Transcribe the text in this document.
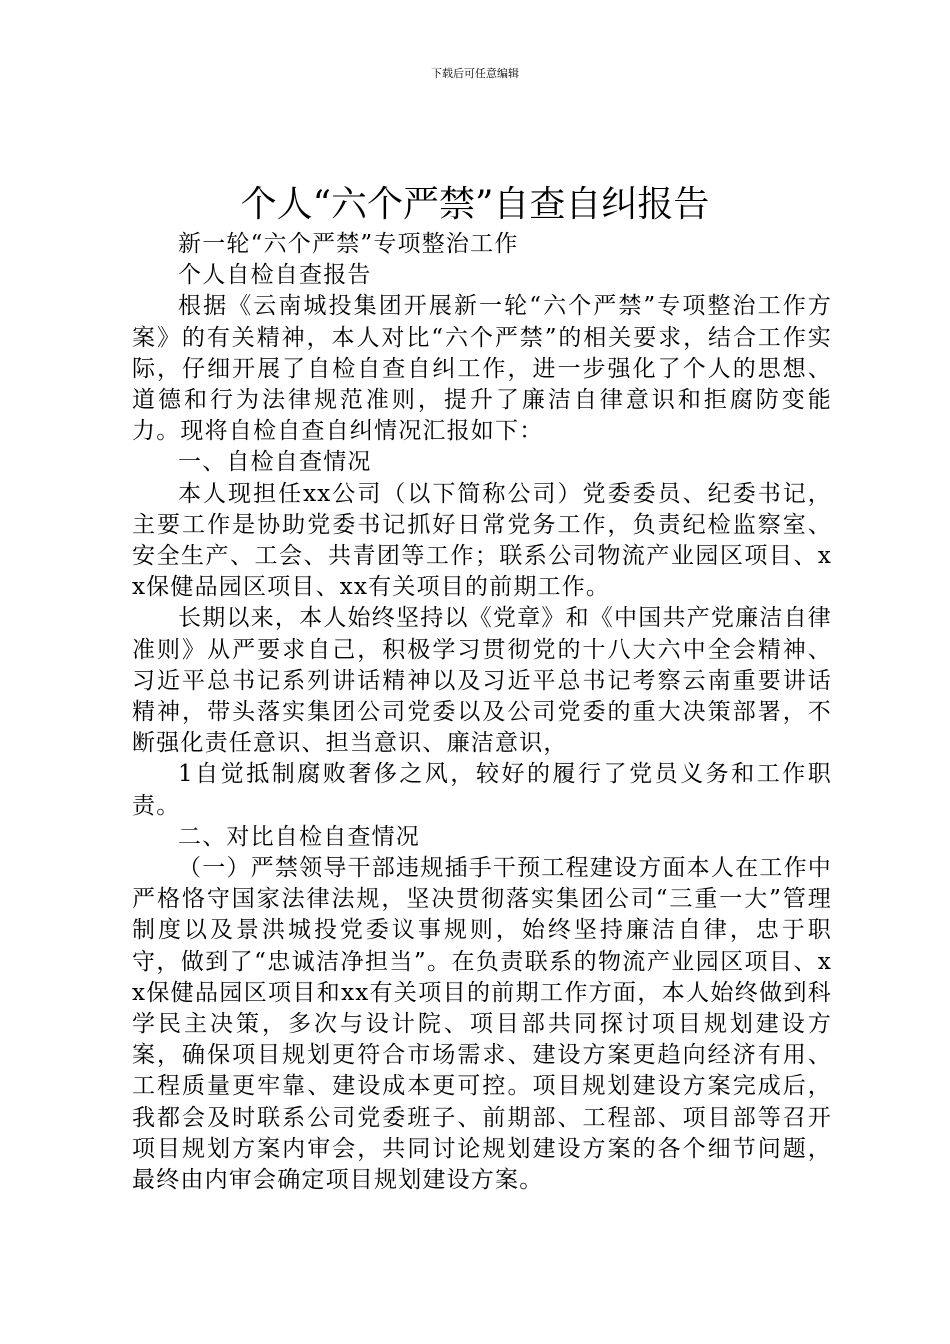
下载后可任意编辑
个人“六个严禁”自查自纠报告

新一轮“六个严禁”专项整治工作

个人自检自查报告

根据《云南城投集团开展新一轮“六个严禁”专项整治工作方案》的有关精神，本人对比“六个严禁”的相关要求，结合工作实际，仔细开展了自检自查自纠工作，进一步强化了个人的思想、道德和行为法律规范准则，提升了廉洁自律意识和拒腐防变能力。现将自检自查自纠情况汇报如下：

一、自检自查情况

本人现担任xx公司（以下简称公司）党委委员、纪委书记，主要工作是协助党委书记抓好日常党务工作，负责纪检监察室、安全生产、工会、共青团等工作；联系公司物流产业园区项目、xx保健品园区项目、xx有关项目的前期工作。

长期以来，本人始终坚持以《党章》和《中国共产党廉洁自律准则》从严要求自己，积极学习贯彻党的十八大六中全会精神、习近平总书记系列讲话精神以及习近平总书记考察云南重要讲话精神，带头落实集团公司党委以及公司党委的重大决策部署，不断强化责任意识、担当意识、廉洁意识，

1自觉抵制腐败奢侈之风，较好的履行了党员义务和工作职责。

二、对比自检自查情况

（一）严禁领导干部违规插手干预工程建设方面本人在工作中严格恪守国家法律法规，坚决贯彻落实集团公司“三重一大”管理制度以及景洪城投党委议事规则，始终坚持廉洁自律，忠于职守，做到了“忠诚洁净担当”。在负责联系的物流产业园区项目、xx保健品园区项目和xx有关项目的前期工作方面，本人始终做到科学民主决策，多次与设计院、项目部共同探讨项目规划建设方案，确保项目规划更符合市场需求、建设方案更趋向经济有用、工程质量更牢靠、建设成本更可控。项目规划建设方案完成后，我都会及时联系公司党委班子、前期部、工程部、项目部等召开项目规划方案内审会，共同讨论规划建设方案的各个细节问题，最终由内审会确定项目规划建设方案。
